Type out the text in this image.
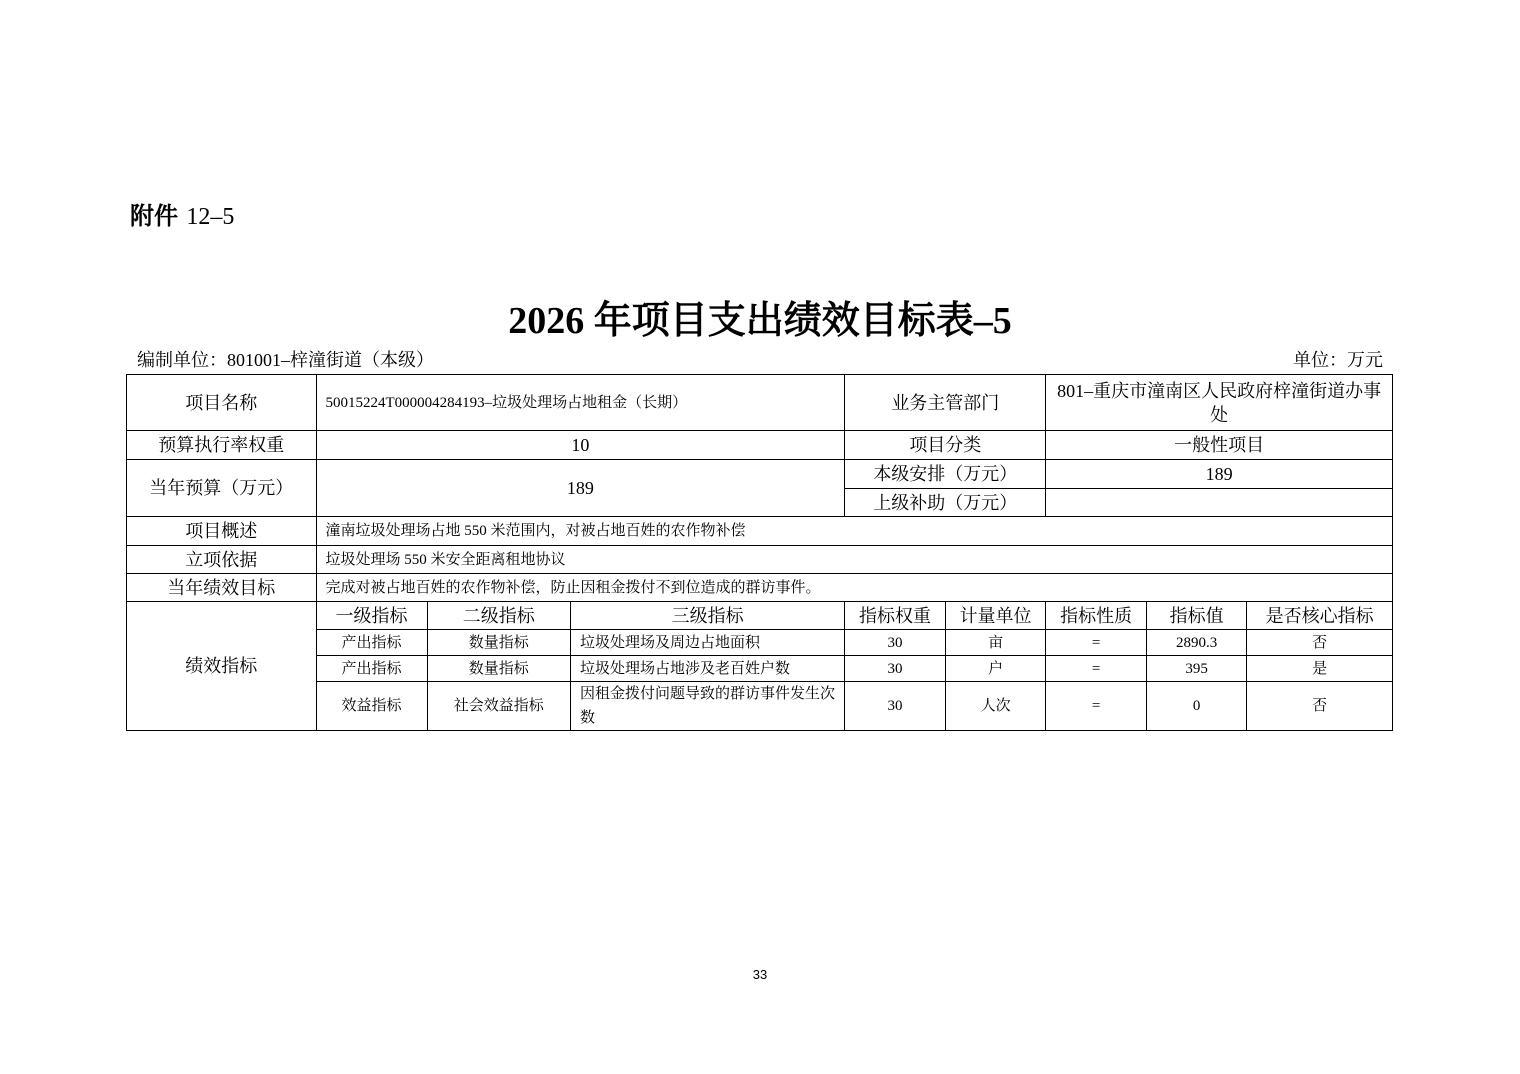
附件 12–5
2026 年项目支出绩效目标表–5
编制单位：801001–梓潼街道（本级）	单位：万元
项目名称	50015224T000004284193–垃圾处理场占地租金（长期）			业务主管部门		801–重庆市潼南区人民政府梓潼街道办事处		
预算执行率权重	10			项目分类		一般性项目		
当年预算（万元）	189			本级安排（万元）		189		
				上级补助（万元）				
项目概述	潼南垃圾处理场占地 550 米范围内，对被占地百姓的农作物补偿							
立项依据	垃圾处理场 550 米安全距离租地协议							
当年绩效目标	完成对被占地百姓的农作物补偿，防止因租金拨付不到位造成的群访事件。							
绩效指标	一级指标	二级指标	三级指标	指标权重	计量单位	指标性质	指标值	是否核心指标
	产出指标	数量指标	垃圾处理场及周边占地面积	30	亩	=	2890.3	否
	产出指标	数量指标	垃圾处理场占地涉及老百姓户数	30	户	=	395	是
	效益指标	社会效益指标	因租金拨付问题导致的群访事件发生次数	30	人次	=	0	否
33
